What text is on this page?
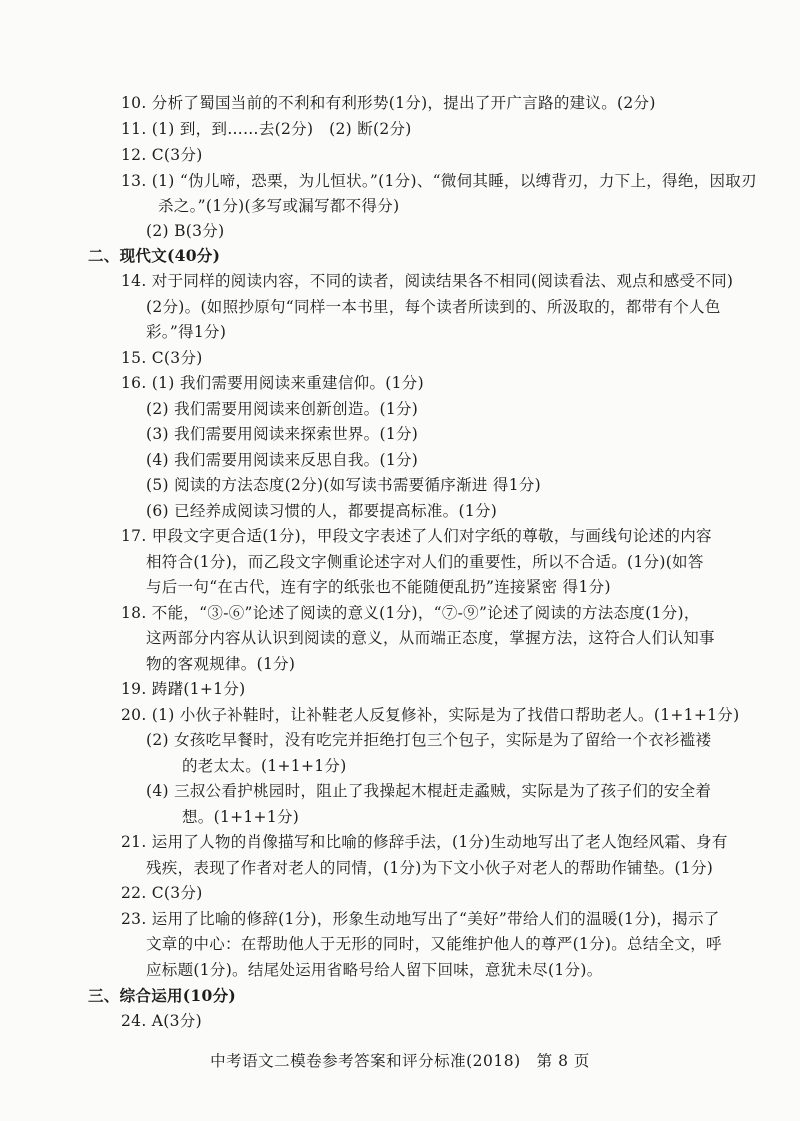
10. 分析了蜀国当前的不利和有利形势(1分)，提出了开广言路的建议。(2分)
11. (1) 到，到……去(2分)　(2) 断(2分)
12. C(3分)
13. (1) “伪儿啼，恐栗，为儿恒状。”(1分)、“微伺其睡，以缚背刃，力下上，得绝，因取刃
杀之。”(1分)(多写或漏写都不得分)
(2) B(3分)
二、现代文(40分)
14. 对于同样的阅读内容，不同的读者，阅读结果各不相同(阅读看法、观点和感受不同)
(2分)。(如照抄原句“同样一本书里，每个读者所读到的、所汲取的，都带有个人色
彩。”得1分)
15. C(3分)
16. (1) 我们需要用阅读来重建信仰。(1分)
(2) 我们需要用阅读来创新创造。(1分)
(3) 我们需要用阅读来探索世界。(1分)
(4) 我们需要用阅读来反思自我。(1分)
(5) 阅读的方法态度(2分)(如写读书需要循序渐进 得1分)
(6) 已经养成阅读习惯的人，都要提高标准。(1分)
17. 甲段文字更合适(1分)，甲段文字表述了人们对字纸的尊敬，与画线句论述的内容
相符合(1分)，而乙段文字侧重论述字对人们的重要性，所以不合适。(1分)(如答
与后一句“在古代，连有字的纸张也不能随便乱扔”连接紧密 得1分)
18. 不能，“③-⑥”论述了阅读的意义(1分)，“⑦-⑨”论述了阅读的方法态度(1分)，
这两部分内容从认识到阅读的意义，从而端正态度，掌握方法，这符合人们认知事
物的客观规律。(1分)
19. 踌躇(1+1分)
20. (1) 小伙子补鞋时，让补鞋老人反复修补，实际是为了找借口帮助老人。(1+1+1分)
(2) 女孩吃早餐时，没有吃完并拒绝打包三个包子，实际是为了留给一个衣衫褴褛
的老太太。(1+1+1分)
(4) 三叔公看护桃园时，阻止了我操起木棍赶走蟊贼，实际是为了孩子们的安全着
想。(1+1+1分)
21. 运用了人物的肖像描写和比喻的修辞手法，(1分)生动地写出了老人饱经风霜、身有
残疾，表现了作者对老人的同情，(1分)为下文小伙子对老人的帮助作铺垫。(1分)
22. C(3分)
23. 运用了比喻的修辞(1分)，形象生动地写出了“美好”带给人们的温暖(1分)，揭示了
文章的中心：在帮助他人于无形的同时，又能维护他人的尊严(1分)。总结全文，呼
应标题(1分)。结尾处运用省略号给人留下回味，意犹未尽(1分)。
三、综合运用(10分)
24. A(3分)
中考语文二模卷参考答案和评分标准(2018)　第 8 页
